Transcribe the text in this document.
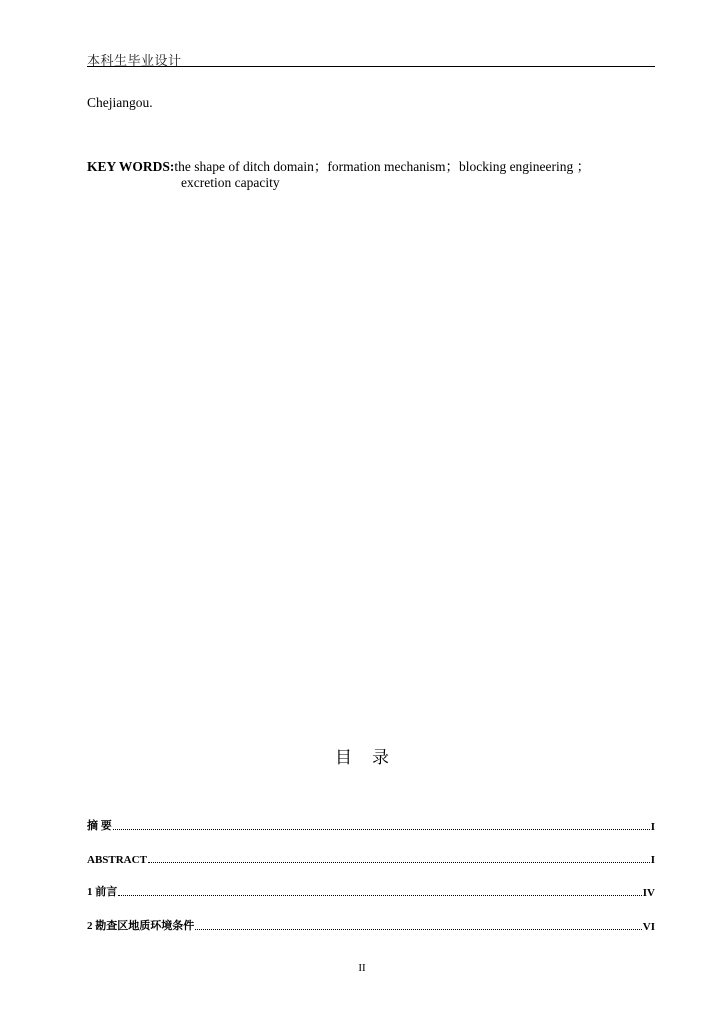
本科生毕业设计
Chejiangou.
KEY WORDS:the shape of ditch domain；formation mechanism；blocking engineering ；
excretion capacity
目 录
摘 要	I
ABSTRACT	I
1 前言	IV
2 勘查区地质环境条件	VI
II
